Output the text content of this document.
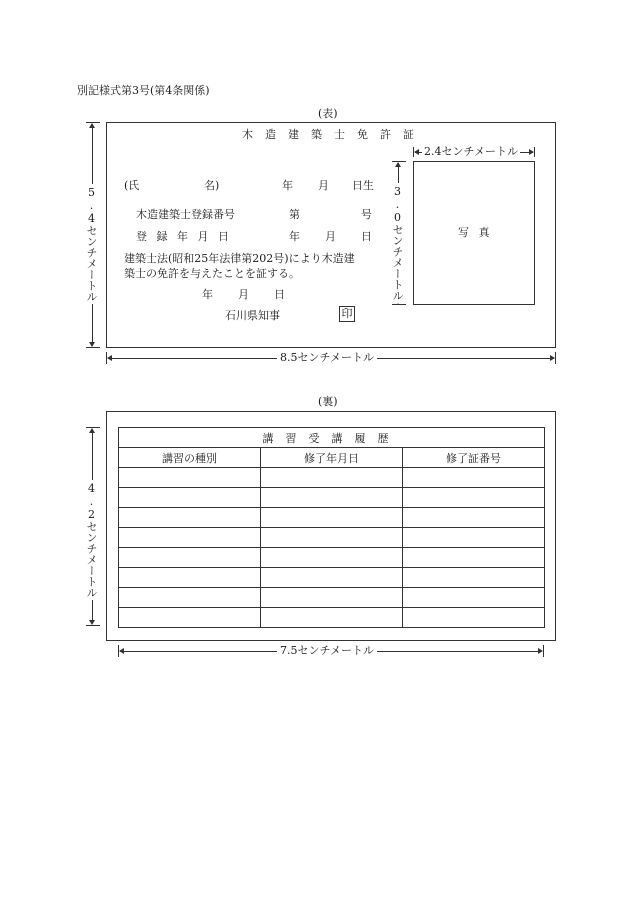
別記様式第3号(第4条関係)
(表)
木造建築士免許証
(氏	名)	年 月 日生
木造建築士登録番号	第	号
登 録 年 月 日	年 月 日
建築士法(昭和25年法律第202号)により木造建
築士の免許を与えたことを証する。
年 月 日
石川県知事	印
写 真
5.4センチメートル
8.5センチメートル
2.4センチメートル
3.0センチメートル
(裏)
講習受講履歴		
講習の種別	修了年月日	修了証番号

4.2センチメートル
7.5センチメートル
